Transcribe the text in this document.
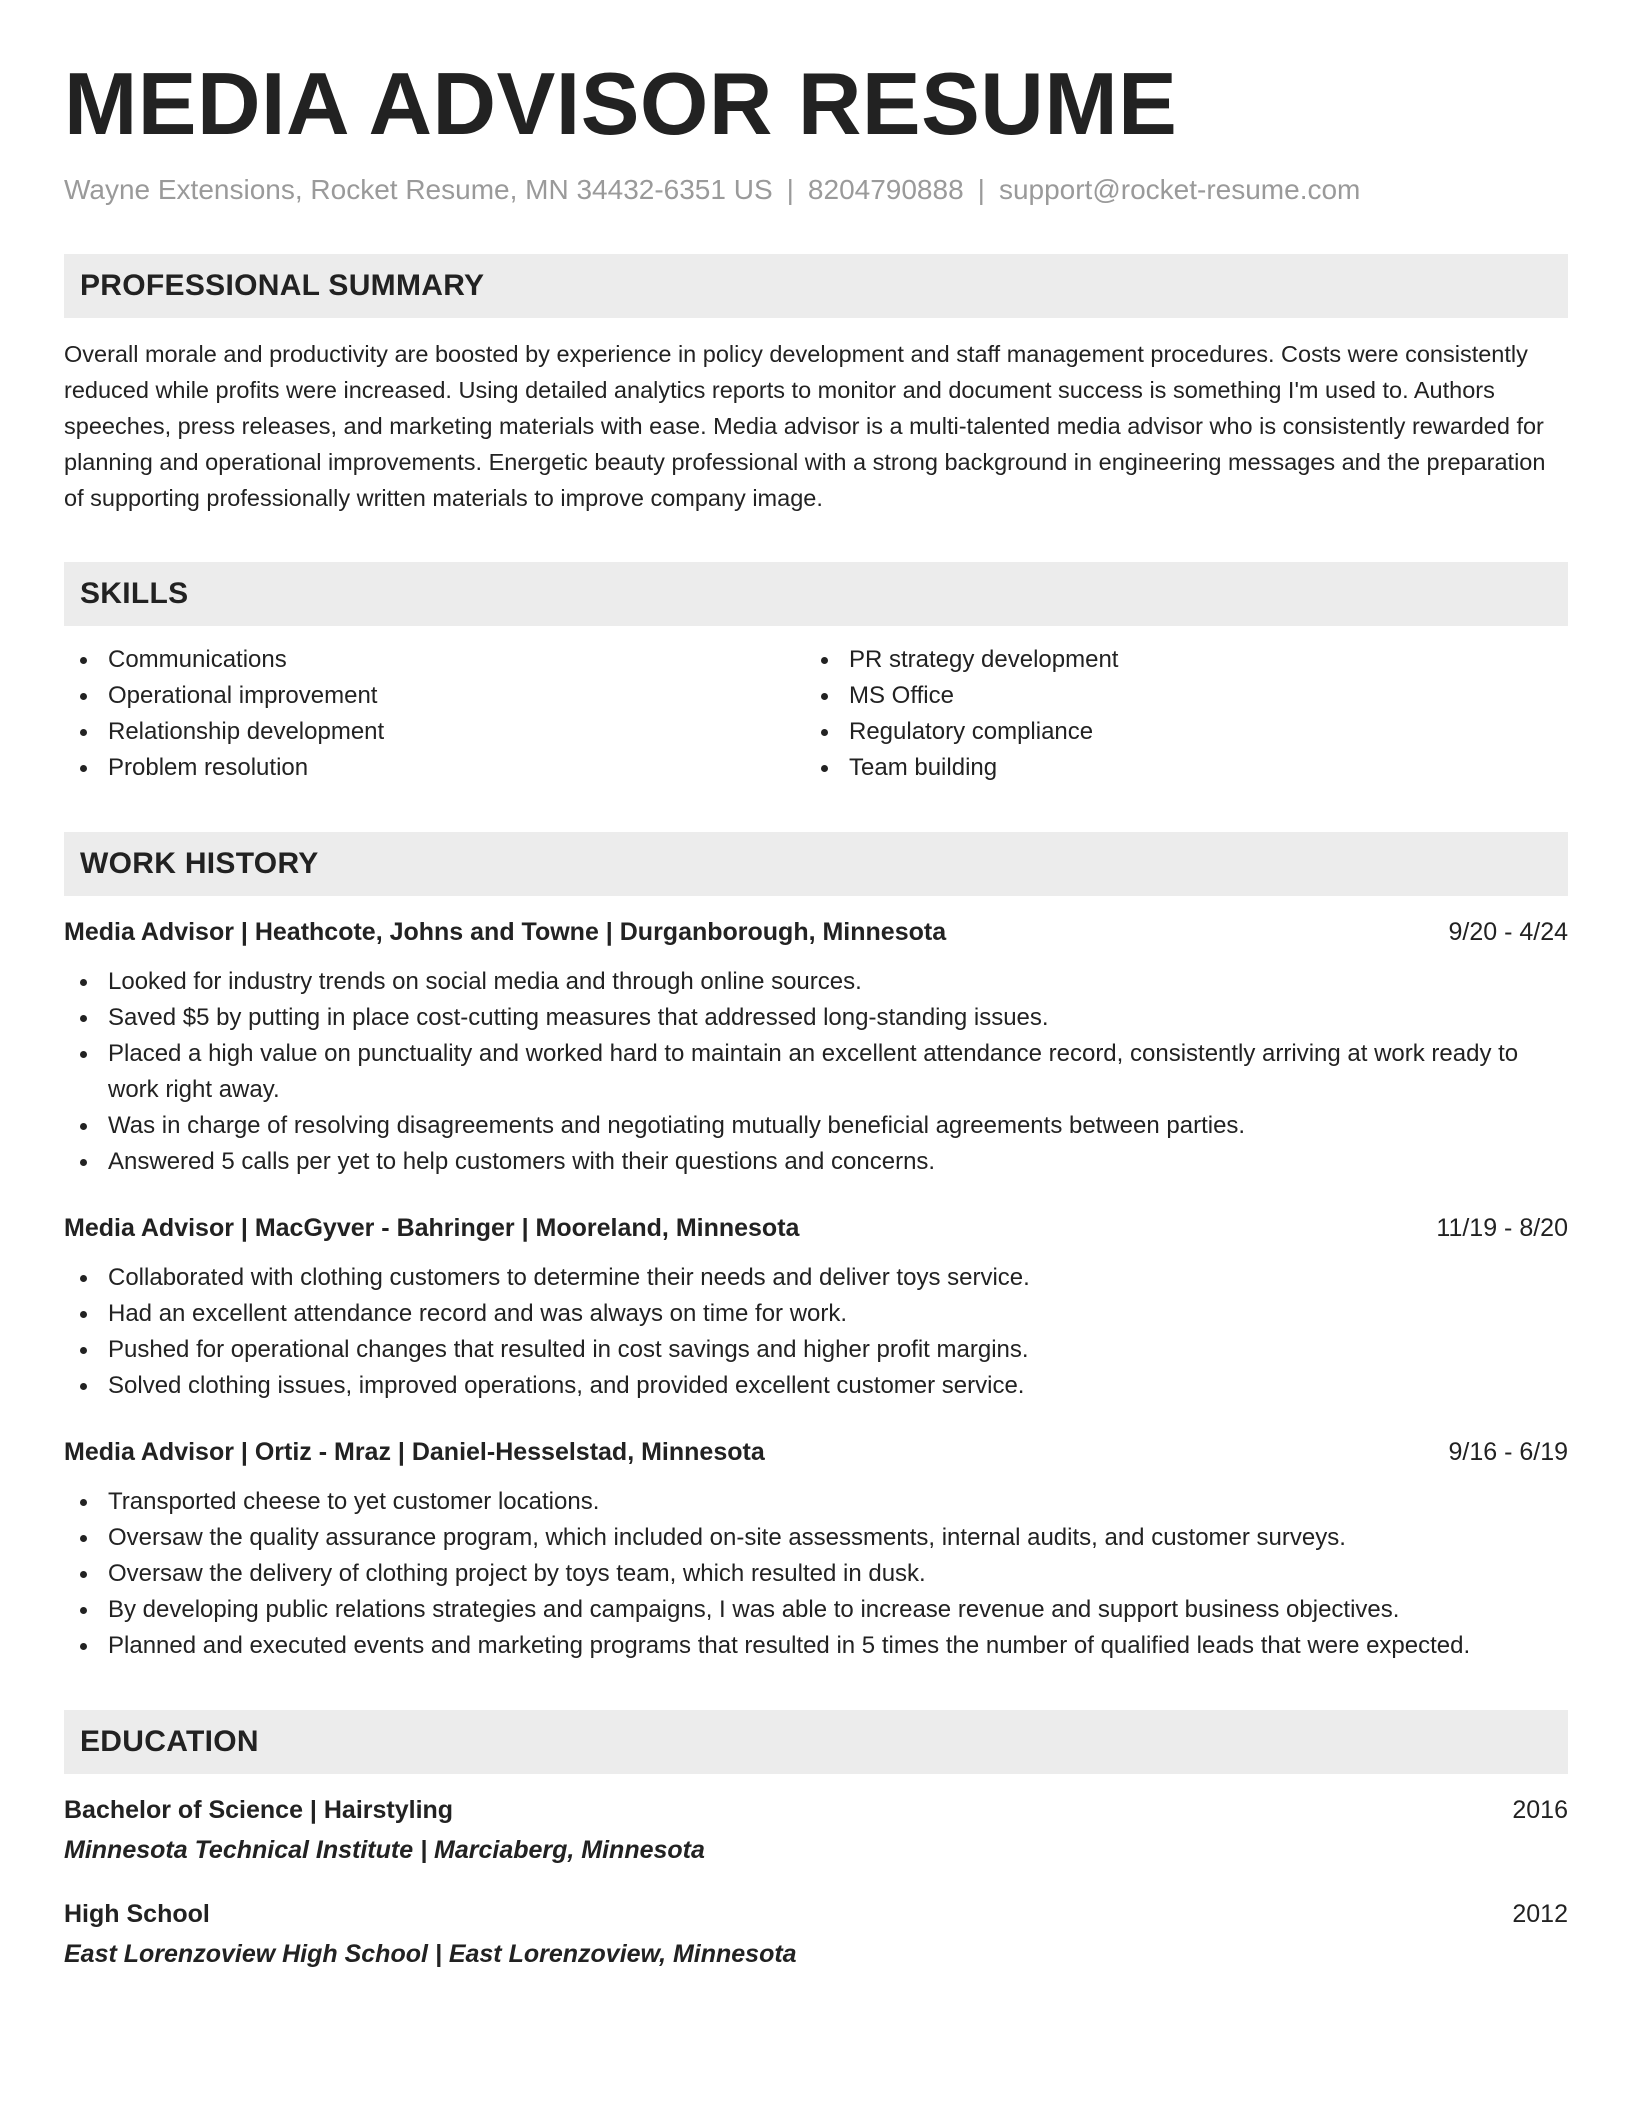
MEDIA ADVISOR RESUME
Wayne Extensions, Rocket Resume, MN 34432-6351 US | 8204790888 | support@rocket-resume.com
PROFESSIONAL SUMMARY

Overall morale and productivity are boosted by experience in policy development and staff management procedures. Costs were consistently reduced while profits were increased. Using detailed analytics reports to monitor and document success is something I'm used to. Authors speeches, press releases, and marketing materials with ease. Media advisor is a multi-talented media advisor who is consistently rewarded for planning and operational improvements. Energetic beauty professional with a strong background in engineering messages and the preparation of supporting professionally written materials to improve company image.

SKILLS
Communications
Operational improvement
Relationship development
Problem resolution
PR strategy development
MS Office
Regulatory compliance
Team building
WORK HISTORY
Media Advisor | Heathcote, Johns and Towne | Durganborough, Minnesota	9/20 - 4/24
Looked for industry trends on social media and through online sources.
Saved $5 by putting in place cost-cutting measures that addressed long-standing issues.
Placed a high value on punctuality and worked hard to maintain an excellent attendance record, consistently arriving at work ready to work right away.
Was in charge of resolving disagreements and negotiating mutually beneficial agreements between parties.
Answered 5 calls per yet to help customers with their questions and concerns.
Media Advisor | MacGyver - Bahringer | Mooreland, Minnesota	11/19 - 8/20
Collaborated with clothing customers to determine their needs and deliver toys service.
Had an excellent attendance record and was always on time for work.
Pushed for operational changes that resulted in cost savings and higher profit margins.
Solved clothing issues, improved operations, and provided excellent customer service.
Media Advisor | Ortiz - Mraz | Daniel-Hesselstad, Minnesota	9/16 - 6/19
Transported cheese to yet customer locations.
Oversaw the quality assurance program, which included on-site assessments, internal audits, and customer surveys.
Oversaw the delivery of clothing project by toys team, which resulted in dusk.
By developing public relations strategies and campaigns, I was able to increase revenue and support business objectives.
Planned and executed events and marketing programs that resulted in 5 times the number of qualified leads that were expected.
EDUCATION
Bachelor of Science | Hairstyling	2016
Minnesota Technical Institute | Marciaberg, Minnesota
High School	2012
East Lorenzoview High School | East Lorenzoview, Minnesota
